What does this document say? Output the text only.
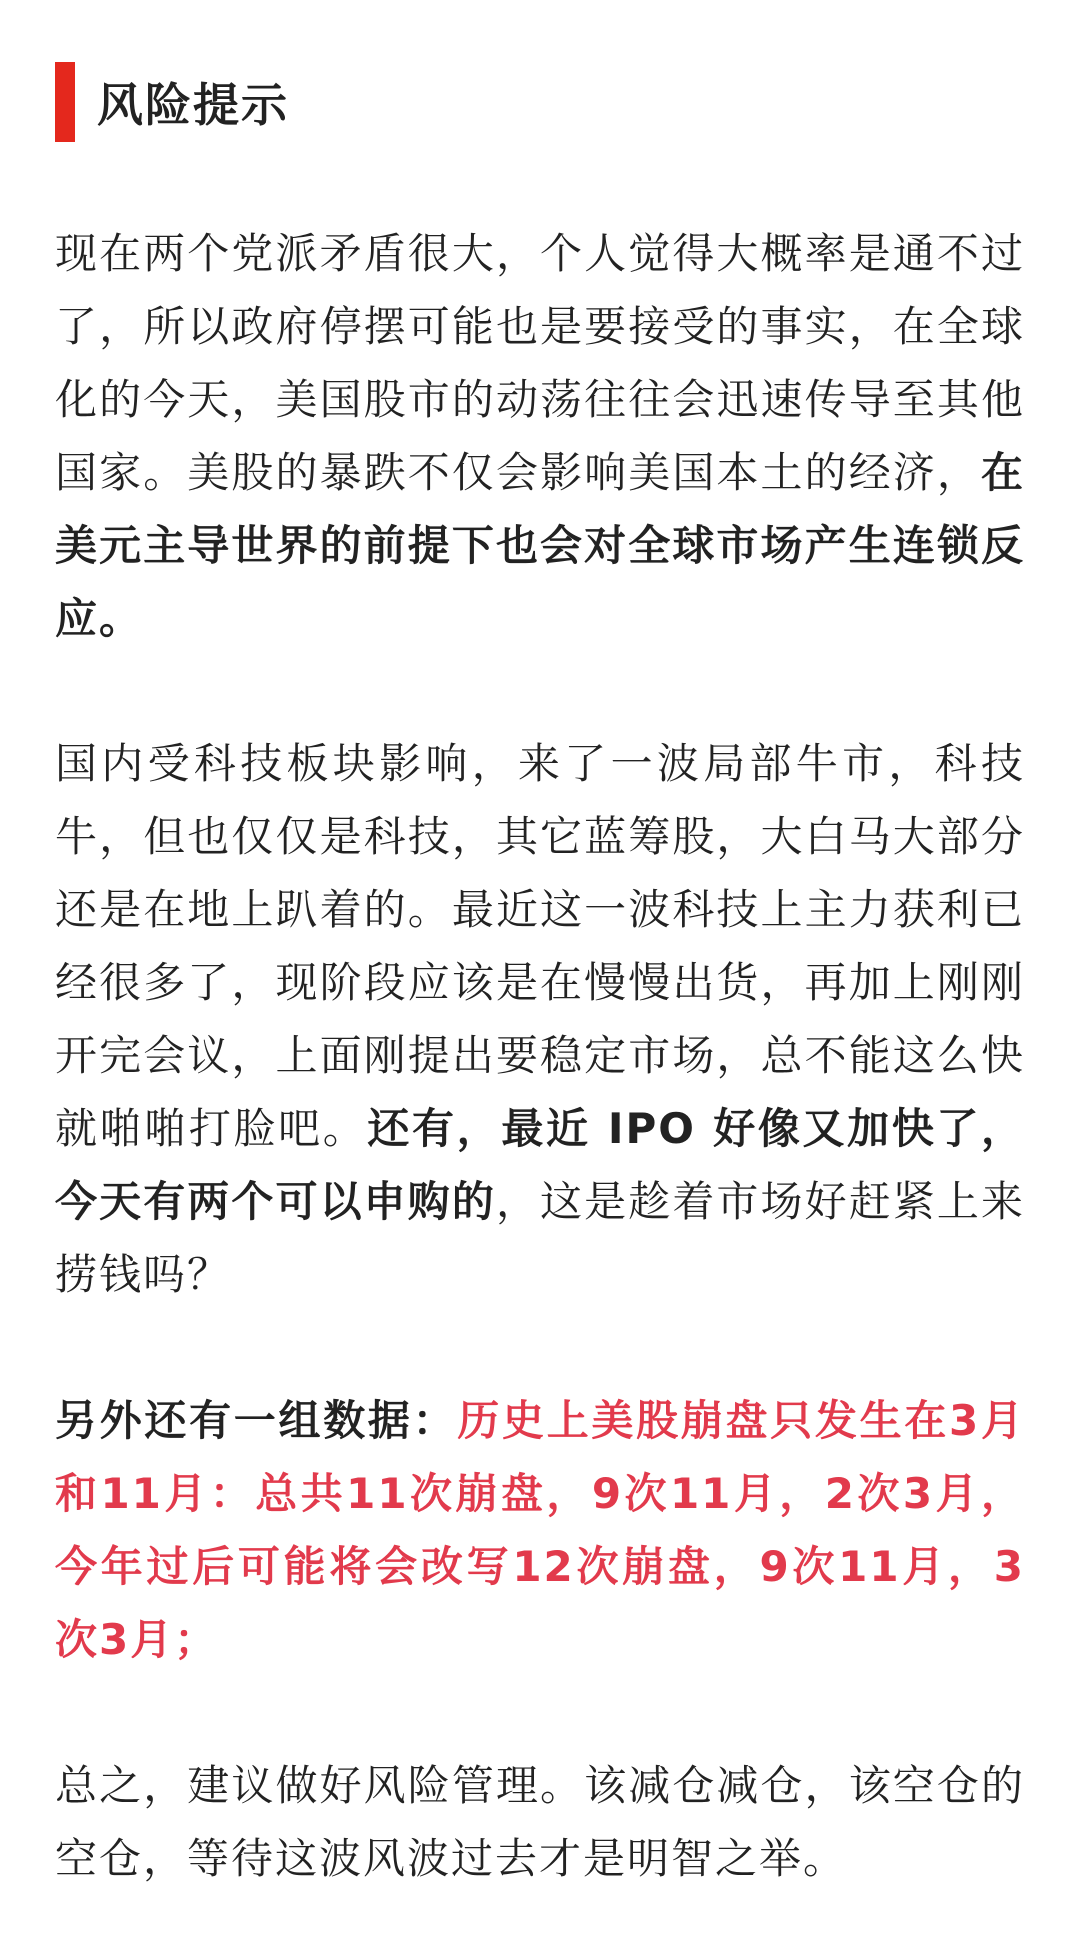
风险提示

现在两个党派矛盾很大，个人觉得大概率是通不过了，所以政府停摆可能也是要接受的事实，在全球化的今天，美国股市的动荡往往会迅速传导至其他国家。美股的暴跌不仅会影响美国本土的经济，在美元主导世界的前提下也会对全球市场产生连锁反应。

国内受科技板块影响，来了一波局部牛市，科技牛，但也仅仅是科技，其它蓝筹股，大白马大部分还是在地上趴着的。最近这一波科技上主力获利已经很多了，现阶段应该是在慢慢出货，再加上刚刚开完会议，上面刚提出要稳定市场，总不能这么快就啪啪打脸吧。还有，最近 IPO 好像又加快了，今天有两个可以申购的，这是趁着市场好赶紧上来捞钱吗？

另外还有一组数据：历史上美股崩盘只发生在3月和11月：总共11次崩盘，9次11月，2次3月，今年过后可能将会改写12次崩盘，9次11月，3次3月；

总之，建议做好风险管理。该减仓减仓，该空仓的空仓，等待这波风波过去才是明智之举。
